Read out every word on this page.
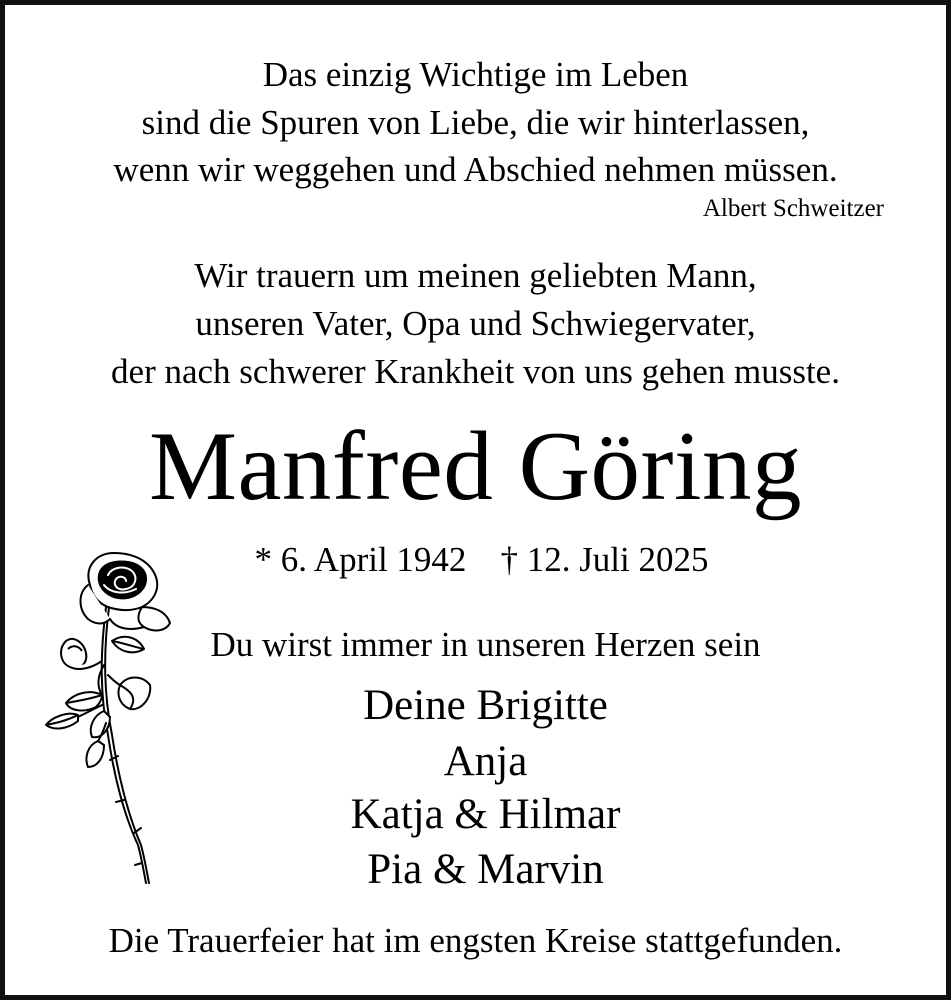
Das einzig Wichtige im Leben
sind die Spuren von Liebe, die wir hinterlassen,
wenn wir weggehen und Abschied nehmen müssen.
Albert Schweitzer
Wir trauern um meinen geliebten Mann,
unseren Vater, Opa und Schwiegervater,
der nach schwerer Krankheit von uns gehen musste.
Manfred Göring
* 6. April 1942 † 12. Juli 2025
Du wirst immer in unseren Herzen sein
Deine Brigitte
Anja
Katja & Hilmar
Pia & Marvin
Die Trauerfeier hat im engsten Kreise stattgefunden.
